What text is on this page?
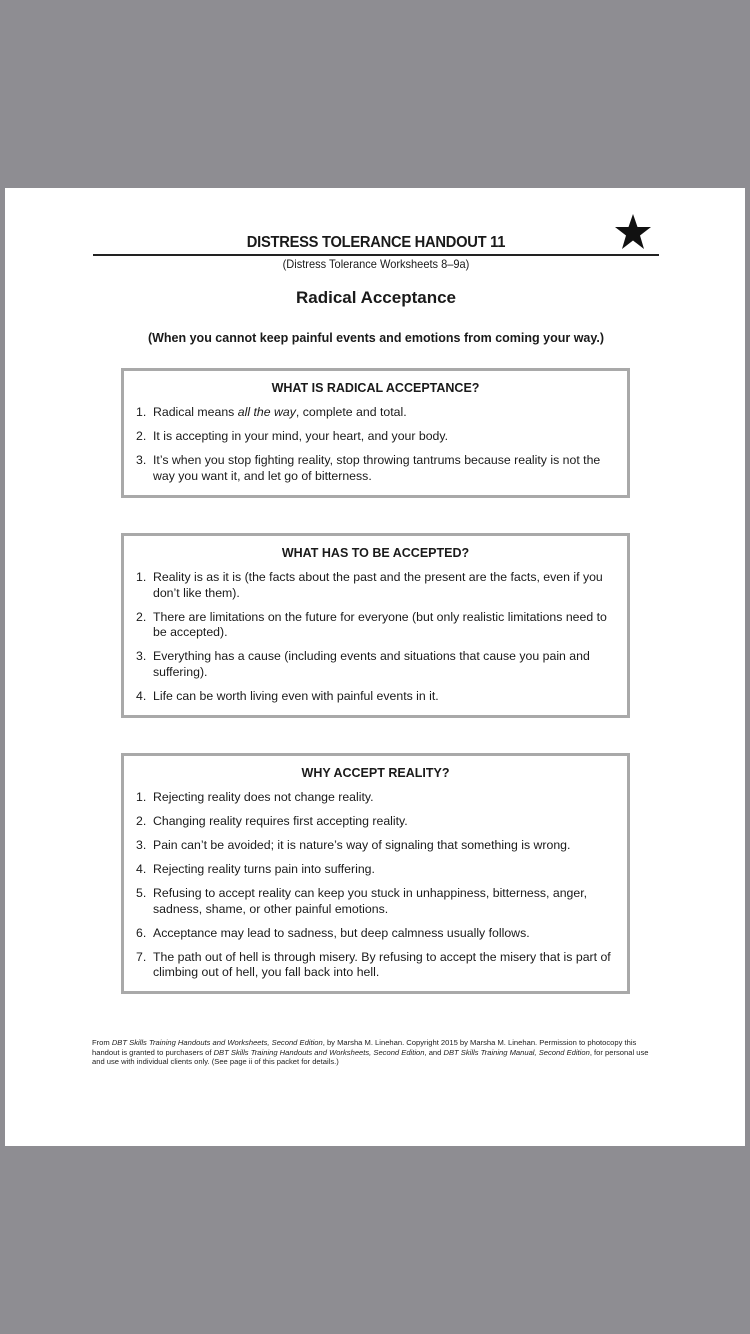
DISTRESS TOLERANCE HANDOUT 11
(Distress Tolerance Worksheets 8–9a)
Radical Acceptance
(When you cannot keep painful events and emotions from coming your way.)
WHAT IS RADICAL ACCEPTANCE?
1. Radical means all the way, complete and total.
2. It is accepting in your mind, your heart, and your body.
3. It’s when you stop fighting reality, stop throwing tantrums because reality is not the way you want it, and let go of bitterness.
WHAT HAS TO BE ACCEPTED?
1. Reality is as it is (the facts about the past and the present are the facts, even if you don’t like them).
2. There are limitations on the future for everyone (but only realistic limitations need to be accepted).
3. Everything has a cause (including events and situations that cause you pain and suffering).
4. Life can be worth living even with painful events in it.
WHY ACCEPT REALITY?
1. Rejecting reality does not change reality.
2. Changing reality requires first accepting reality.
3. Pain can’t be avoided; it is nature’s way of signaling that something is wrong.
4. Rejecting reality turns pain into suffering.
5. Refusing to accept reality can keep you stuck in unhappiness, bitterness, anger, sadness, shame, or other painful emotions.
6. Acceptance may lead to sadness, but deep calmness usually follows.
7. The path out of hell is through misery. By refusing to accept the misery that is part of climbing out of hell, you fall back into hell.
From DBT Skills Training Handouts and Worksheets, Second Edition, by Marsha M. Linehan. Copyright 2015 by Marsha M. Linehan. Permission to photocopy this handout is granted to purchasers of DBT Skills Training Handouts and Worksheets, Second Edition, and DBT Skills Training Manual, Second Edition, for personal use and use with individual clients only. (See page ii of this packet for details.)
